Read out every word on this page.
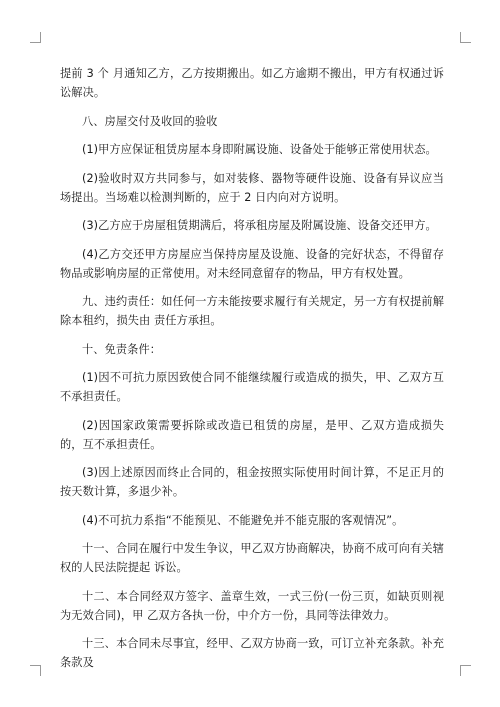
提前 3 个 月通知乙方，乙方按期搬出。如乙方逾期不搬出，甲方有权通过诉讼解决。

八、房屋交付及收回的验收

(1)甲方应保证租赁房屋本身即附属设施、设备处于能够正常使用状态。

(2)验收时双方共同参与，如对装修、器物等硬件设施、设备有异议应当场提出。当场难以检测判断的，应于 2 日内向对方说明。

(3)乙方应于房屋租赁期满后，将承租房屋及附属设施、设备交还甲方。

(4)乙方交还甲方房屋应当保持房屋及设施、设备的完好状态，不得留存物品或影响房屋的正常使用。对未经同意留存的物品，甲方有权处置。

九、违约责任：如任何一方未能按要求履行有关规定，另一方有权提前解除本租约，损失由 责任方承担。

十、免责条件：

(1)因不可抗力原因致使合同不能继续履行或造成的损失，甲、乙双方互不承担责任。

(2)因国家政策需要拆除或改造已租赁的房屋，是甲、乙双方造成损失的，互不承担责任。

(3)因上述原因而终止合同的，租金按照实际使用时间计算，不足正月的按天数计算，多退少补。

(4)不可抗力系指“不能预见、不能避免并不能克服的客观情况”。

十一、合同在履行中发生争议，甲乙双方协商解决，协商不成可向有关辖权的人民法院提起 诉讼。

十二、本合同经双方签字、盖章生效，一式三份(一份三页，如缺页则视为无效合同)，甲 乙双方各执一份，中介方一份，具同等法律效力。

十三、本合同未尽事宜，经甲、乙双方协商一致，可订立补充条款。补充条款及
